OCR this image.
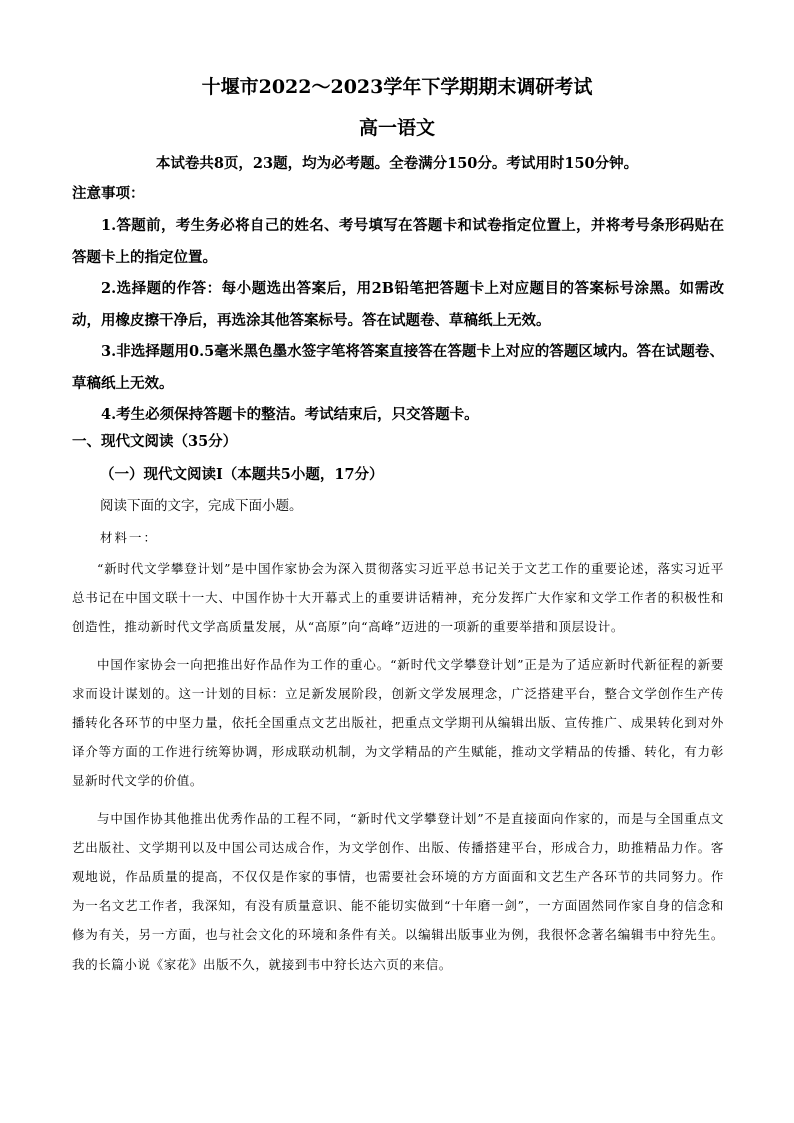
十堰市2022～2023学年下学期期末调研考试
高一语文
本试卷共8页，23题，均为必考题。全卷满分150分。考试用时150分钟。
注意事项：

1.答题前，考生务必将自己的姓名、考号填写在答题卡和试卷指定位置上，并将考号条形码贴在答题卡上的指定位置。

2.选择题的作答：每小题选出答案后，用2B铅笔把答题卡上对应题目的答案标号涂黑。如需改动，用橡皮擦干净后，再选涂其他答案标号。答在试题卷、草稿纸上无效。

3.非选择题用0.5毫米黑色墨水签字笔将答案直接答在答题卡上对应的答题区域内。答在试题卷、草稿纸上无效。

4.考生必须保持答题卡的整洁。考试结束后，只交答题卡。

一、现代文阅读（35分）
（一）现代文阅读Ⅰ（本题共5小题，17分）
阅读下面的文字，完成下面小题。
材料一：

“新时代文学攀登计划”是中国作家协会为深入贯彻落实习近平总书记关于文艺工作的重要论述，落实习近平总书记在中国文联十一大、中国作协十大开幕式上的重要讲话精神，充分发挥广大作家和文学工作者的积极性和创造性，推动新时代文学高质量发展，从“高原”向“高峰”迈进的一项新的重要举措和顶层设计。

中国作家协会一向把推出好作品作为工作的重心。“新时代文学攀登计划”正是为了适应新时代新征程的新要求而设计谋划的。这一计划的目标：立足新发展阶段，创新文学发展理念，广泛搭建平台，整合文学创作生产传播转化各环节的中坚力量，依托全国重点文艺出版社，把重点文学期刊从编辑出版、宣传推广、成果转化到对外译介等方面的工作进行统筹协调，形成联动机制，为文学精品的产生赋能，推动文学精品的传播、转化，有力彰显新时代文学的价值。

与中国作协其他推出优秀作品的工程不同，“新时代文学攀登计划”不是直接面向作家的，而是与全国重点文艺出版社、文学期刊以及中国公司达成合作，为文学创作、出版、传播搭建平台，形成合力，助推精品力作。客观地说，作品质量的提高，不仅仅是作家的事情，也需要社会环境的方方面面和文艺生产各环节的共同努力。作为一名文艺工作者，我深知，有没有质量意识、能不能切实做到“十年磨一剑”，一方面固然同作家自身的信念和修为有关，另一方面，也与社会文化的环境和条件有关。以编辑出版事业为例，我很怀念著名编辑韦中狩先生。我的长篇小说《家花》出版不久，就接到韦中狩长达六页的来信。
